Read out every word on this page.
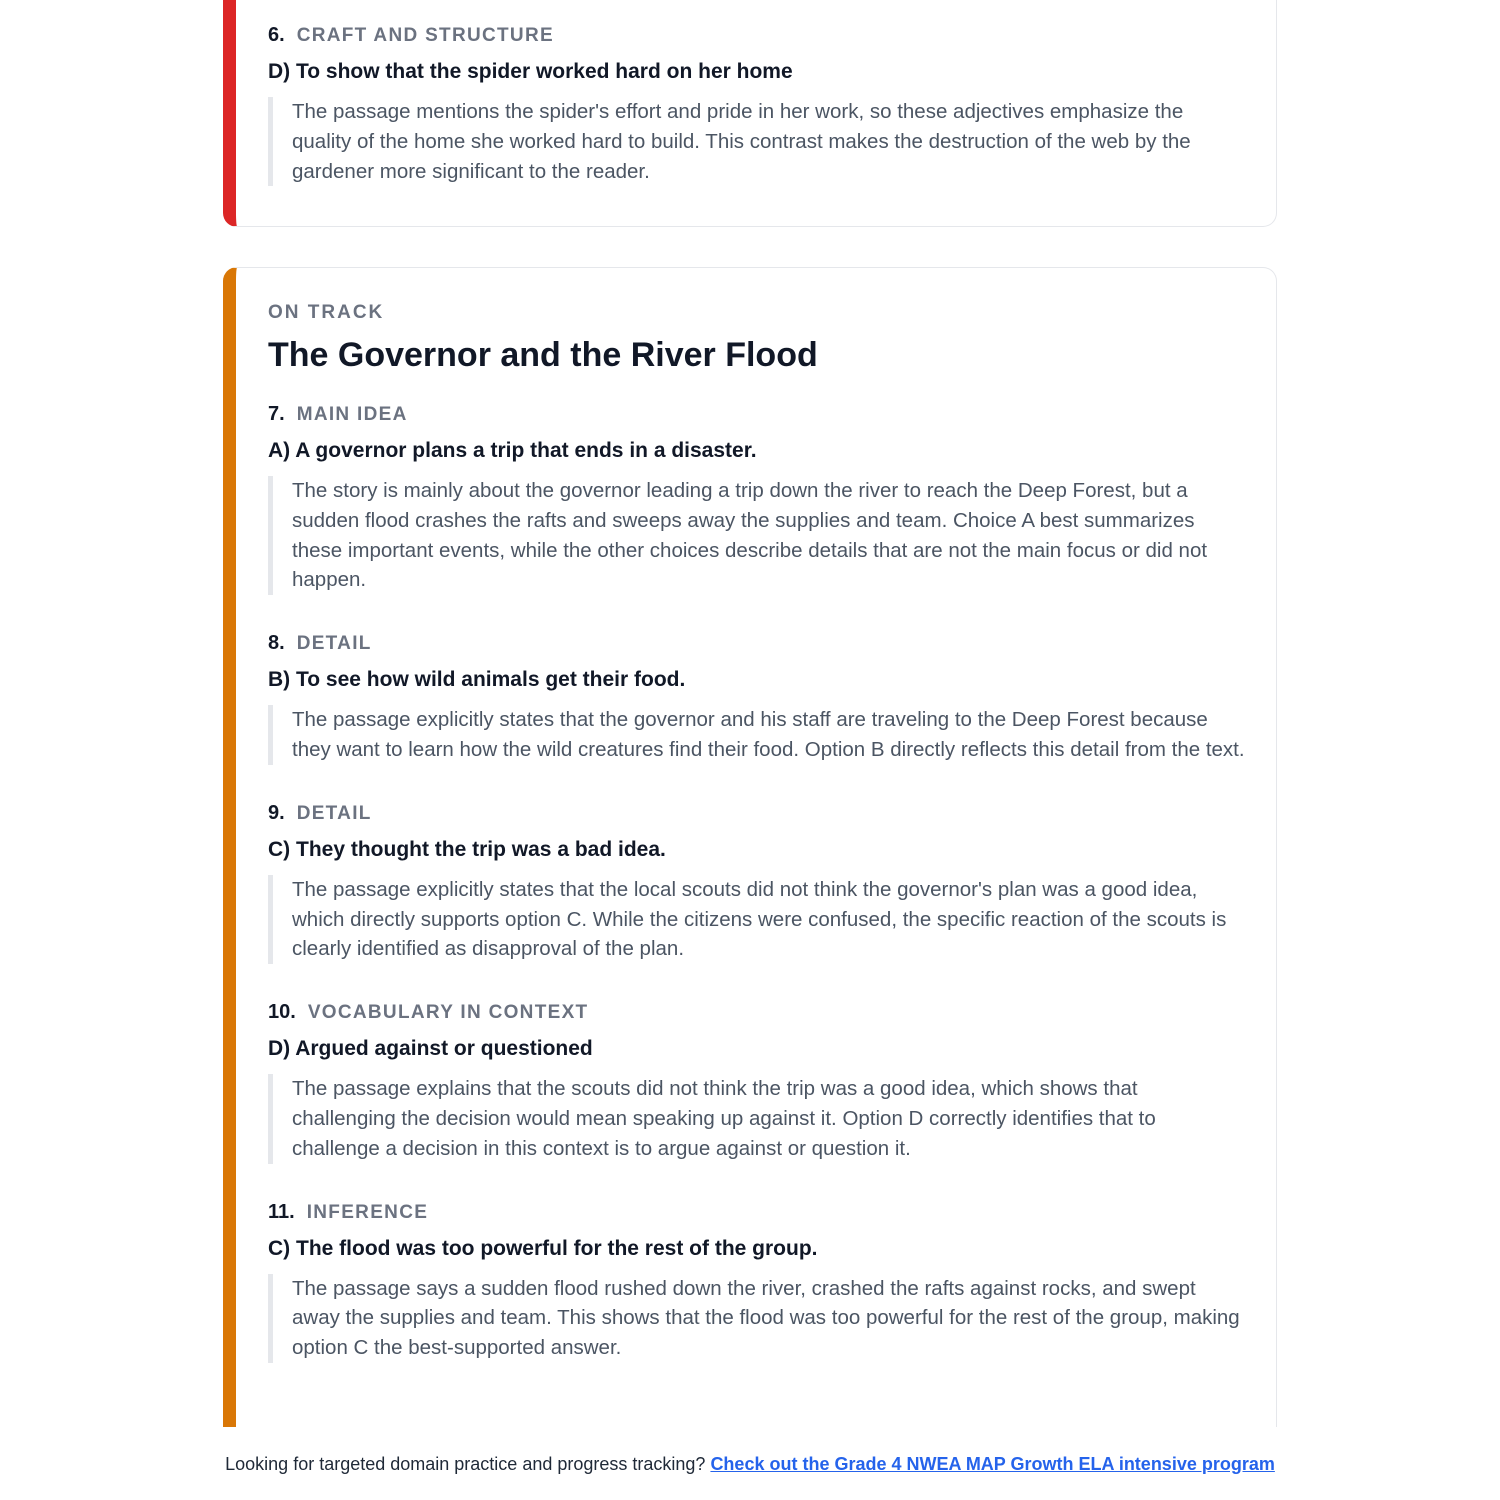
6. CRAFT AND STRUCTURE
D) To show that the spider worked hard on her home
The passage mentions the spider's effort and pride in her work, so these adjectives emphasize the quality of the home she worked hard to build. This contrast makes the destruction of the web by the gardener more significant to the reader.
ON TRACK
The Governor and the River Flood
7. MAIN IDEA
A) A governor plans a trip that ends in a disaster.
The story is mainly about the governor leading a trip down the river to reach the Deep Forest, but a sudden flood crashes the rafts and sweeps away the supplies and team. Choice A best summarizes these important events, while the other choices describe details that are not the main focus or did not happen.
8. DETAIL
B) To see how wild animals get their food.
The passage explicitly states that the governor and his staff are traveling to the Deep Forest because they want to learn how the wild creatures find their food. Option B directly reflects this detail from the text.
9. DETAIL
C) They thought the trip was a bad idea.
The passage explicitly states that the local scouts did not think the governor's plan was a good idea, which directly supports option C. While the citizens were confused, the specific reaction of the scouts is clearly identified as disapproval of the plan.
10. VOCABULARY IN CONTEXT
D) Argued against or questioned
The passage explains that the scouts did not think the trip was a good idea, which shows that challenging the decision would mean speaking up against it. Option D correctly identifies that to challenge a decision in this context is to argue against or question it.
11. INFERENCE
C) The flood was too powerful for the rest of the group.
The passage says a sudden flood rushed down the river, crashed the rafts against rocks, and swept away the supplies and team. This shows that the flood was too powerful for the rest of the group, making option C the best-supported answer.
Looking for targeted domain practice and progress tracking? Check out the Grade 4 NWEA MAP Growth ELA intensive program
